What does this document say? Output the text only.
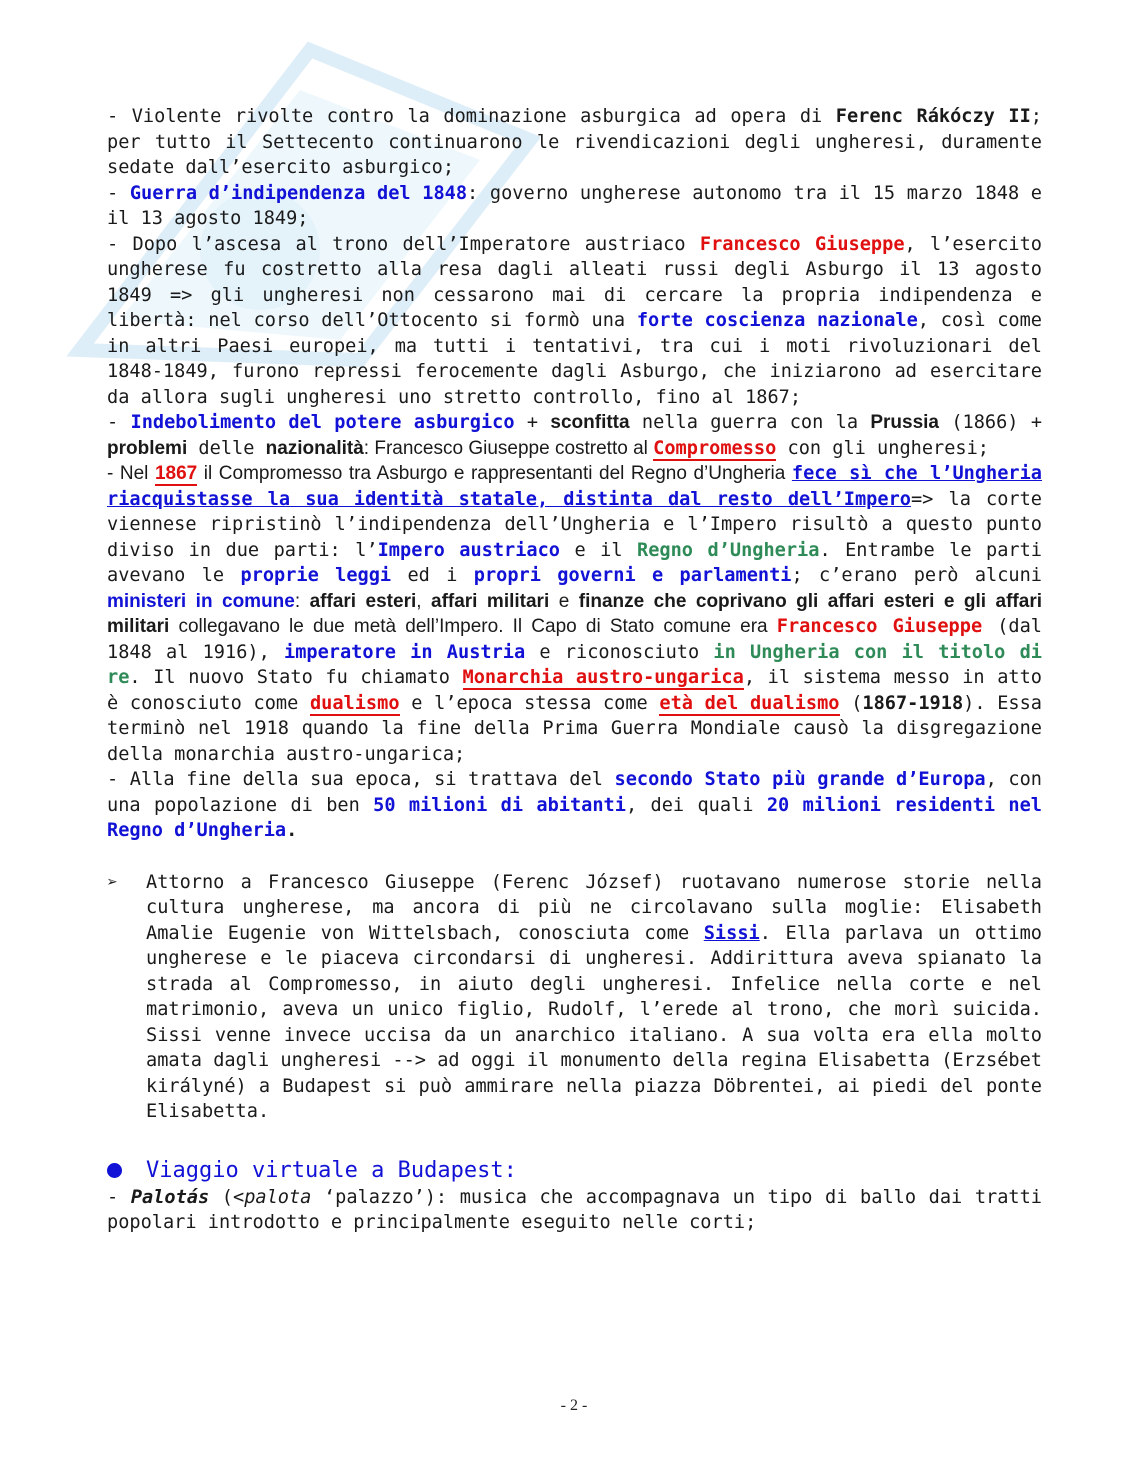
- Violente rivolte contro la dominazione asburgica ad opera di Ferenc Rákóczy II; per tutto il Settecento continuarono le rivendicazioni degli ungheresi, duramente sedate dall’esercito asburgico;

- Guerra d’indipendenza del 1848: governo ungherese autonomo tra il 15 marzo 1848 e il 13 agosto 1849;

- Dopo l’ascesa al trono dell’Imperatore austriaco Francesco Giuseppe, l’esercito ungherese fu costretto alla resa dagli alleati russi degli Asburgo il 13 agosto 1849 => gli ungheresi non cessarono mai di cercare la propria indipendenza e libertà: nel corso dell’Ottocento si formò una forte coscienza nazionale, così come in altri Paesi europei, ma tutti i tentativi, tra cui i moti rivoluzionari del 1848-1849, furono repressi ferocemente dagli Asburgo, che iniziarono ad esercitare da allora sugli ungheresi uno stretto controllo, fino al 1867;

- Indebolimento del potere asburgico + sconfitta nella guerra con la Prussia (1866) + problemi delle nazionalità: Francesco Giuseppe costretto al Compromesso con gli ungheresi;

- Nel 1867 il Compromesso tra Asburgo e rappresentanti del Regno d’Ungheria fece sì che l’Ungheria riacquistasse la sua identità statale, distinta dal resto dell’Impero=> la corte viennese ripristinò l’indipendenza dell’Ungheria e l’Impero risultò a questo punto diviso in due parti: l’Impero austriaco e il Regno d’Ungheria. Entrambe le parti avevano le proprie leggi ed i propri governi e parlamenti; c’erano però alcuni ministeri in comune: affari esteri, affari militari e finanze che coprivano gli affari esteri e gli affari militari collegavano le due metà dell’Impero. Il Capo di Stato comune era Francesco Giuseppe (dal 1848 al 1916), imperatore in Austria e riconosciuto in Ungheria con il titolo di re. Il nuovo Stato fu chiamato Monarchia austro-ungarica, il sistema messo in atto è conosciuto come dualismo e l’epoca stessa come età del dualismo (1867-1918). Essa terminò nel 1918 quando la fine della Prima Guerra Mondiale causò la disgregazione della monarchia austro-ungarica;

- Alla fine della sua epoca, si trattava del secondo Stato più grande d’Europa, con una popolazione di ben 50 milioni di abitanti, dei quali 20 milioni residenti nel Regno d’Ungheria.

➢ Attorno a Francesco Giuseppe (Ferenc József) ruotavano numerose storie nella cultura ungherese, ma ancora di più ne circolavano sulla moglie: Elisabeth Amalie Eugenie von Wittelsbach, conosciuta come Sissi. Ella parlava un ottimo ungherese e le piaceva circondarsi di ungheresi. Addirittura aveva spianato la strada al Compromesso, in aiuto degli ungheresi. Infelice nella corte e nel matrimonio, aveva un unico figlio, Rudolf, l’erede al trono, che morì suicida. Sissi venne invece uccisa da un anarchico italiano. A sua volta era ella molto amata dagli ungheresi --> ad oggi il monumento della regina Elisabetta (Erzsébet királyné) a Budapest si può ammirare nella piazza Döbrentei, ai piedi del ponte Elisabetta.

Viaggio virtuale a Budapest:

- Palotás (<palota ‘palazzo’): musica che accompagnava un tipo di ballo dai tratti popolari introdotto e principalmente eseguito nelle corti;

- 2 -
